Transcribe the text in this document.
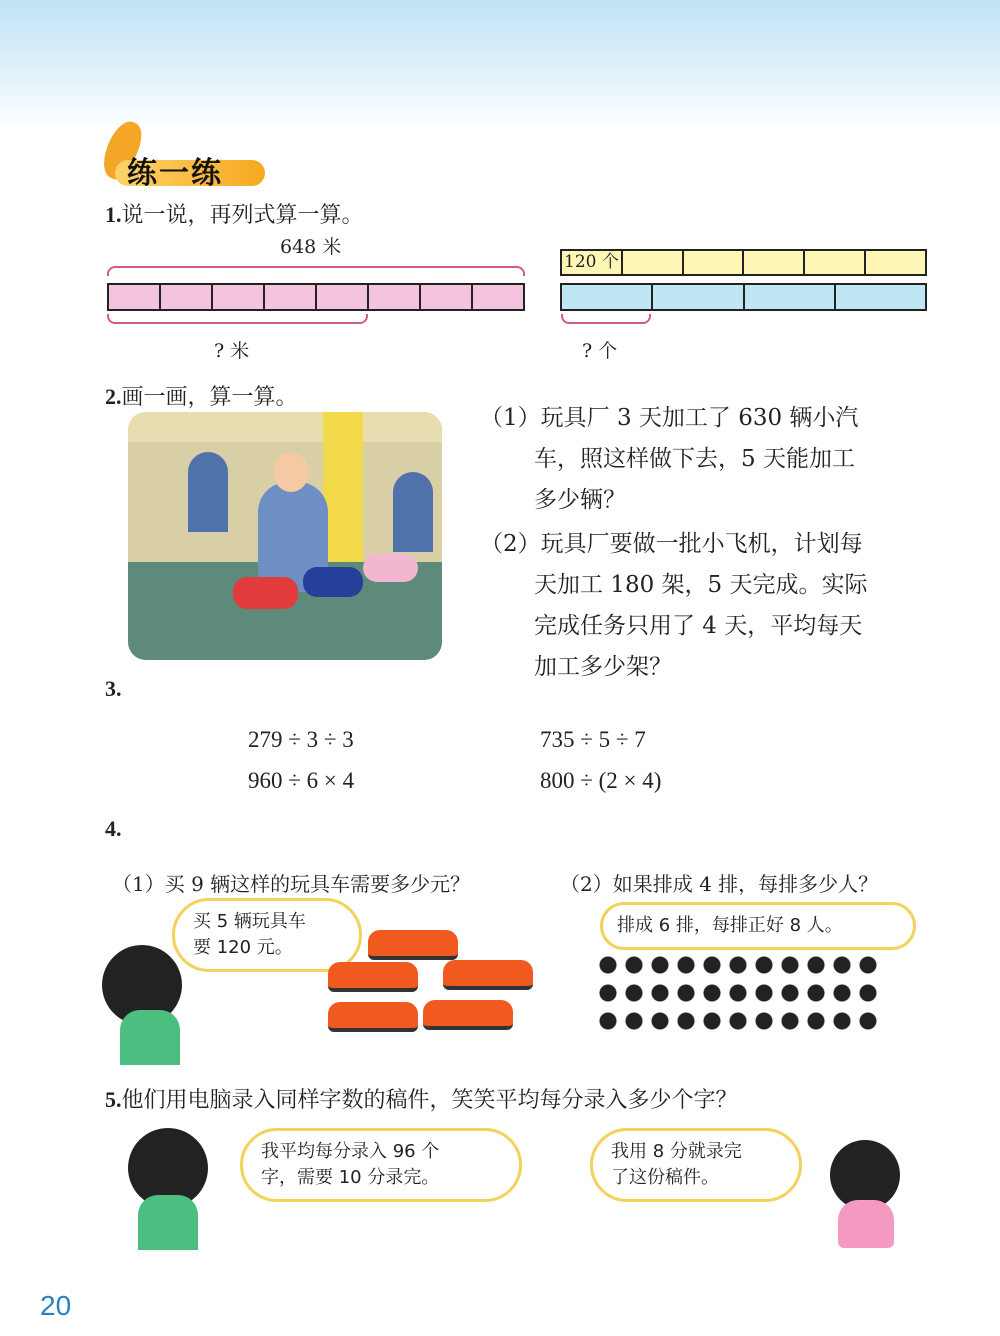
练一练
1.说一说，再列式算一算。
648 米
? 米
120 个
? 个
2.画一画，算一算。
（1）玩具厂 3 天加工了 630 辆小汽
车，照这样做下去，5 天能加工
多少辆？
（2）玩具厂要做一批小飞机，计划每
天加工 180 架，5 天完成。实际
完成任务只用了 4 天，平均每天
加工多少架？
3.
279 ÷ 3 ÷ 3	735 ÷ 5 ÷ 7
960 ÷ 6 × 4	800 ÷ (2 × 4)
4.
（1）买 9 辆这样的玩具车需要多少元？	（2）如果排成 4 排，每排多少人？
买 5 辆玩具车
要 120 元。
排成 6 排，每排正好 8 人。
5.他们用电脑录入同样字数的稿件，笑笑平均每分录入多少个字？
我平均每分录入 96 个
字，需要 10 分录完。
我用 8 分就录完
了这份稿件。
20
